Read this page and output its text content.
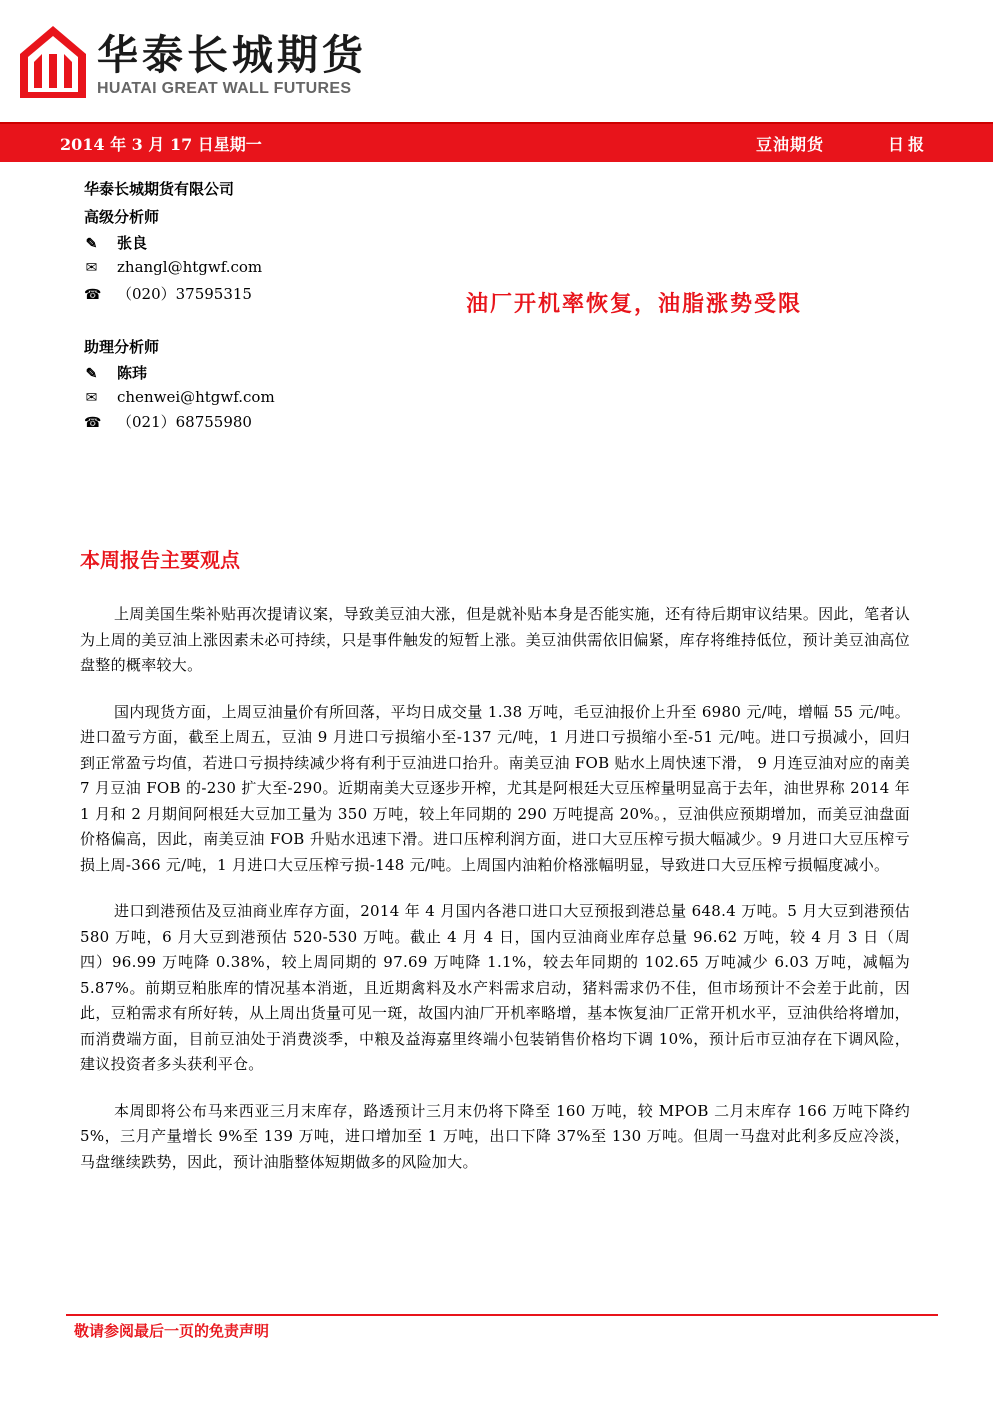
华泰长城期货
HUATAI GREAT WALL FUTURES
2014 年 3 月 17 日星期一	豆油期货	日报
华泰长城期货有限公司
高级分析师
✎ 张良
✉ zhangl@htgwf.com
☎ （020）37595315	油厂开机率恢复，油脂涨势受限
助理分析师
✎ 陈玮
✉ chenwei@htgwf.com
☎ （021）68755980
本周报告主要观点

上周美国生柴补贴再次提请议案，导致美豆油大涨，但是就补贴本身是否能实施，还有待后期审议结果。因此，笔者认为上周的美豆油上涨因素未必可持续，只是事件触发的短暂上涨。美豆油供需依旧偏紧，库存将维持低位，预计美豆油高位盘整的概率较大。

国内现货方面，上周豆油量价有所回落，平均日成交量 1.38 万吨，毛豆油报价上升至 6980 元/吨，增幅 55 元/吨。进口盈亏方面，截至上周五，豆油 9 月进口亏损缩小至-137 元/吨，1 月进口亏损缩小至-51 元/吨。进口亏损减小，回归到正常盈亏均值，若进口亏损持续减少将有利于豆油进口抬升。南美豆油 FOB 贴水上周快速下滑， 9 月连豆油对应的南美 7 月豆油 FOB 的-230 扩大至-290。近期南美大豆逐步开榨，尤其是阿根廷大豆压榨量明显高于去年，油世界称 2014 年 1 月和 2 月期间阿根廷大豆加工量为 350 万吨，较上年同期的 290 万吨提高 20%。，豆油供应预期增加，而美豆油盘面价格偏高，因此，南美豆油 FOB 升贴水迅速下滑。进口压榨利润方面，进口大豆压榨亏损大幅减少。9 月进口大豆压榨亏损上周-366 元/吨，1 月进口大豆压榨亏损-148 元/吨。上周国内油粕价格涨幅明显，导致进口大豆压榨亏损幅度减小。

进口到港预估及豆油商业库存方面，2014 年 4 月国内各港口进口大豆预报到港总量 648.4 万吨。5 月大豆到港预估 580 万吨，6 月大豆到港预估 520-530 万吨。截止 4 月 4 日，国内豆油商业库存总量 96.62 万吨，较 4 月 3 日（周四）96.99 万吨降 0.38%，较上周同期的 97.69 万吨降 1.1%，较去年同期的 102.65 万吨减少 6.03 万吨，减幅为 5.87%。前期豆粕胀库的情况基本消逝，且近期禽料及水产料需求启动，猪料需求仍不佳，但市场预计不会差于此前，因此，豆粕需求有所好转，从上周出货量可见一斑，故国内油厂开机率略增，基本恢复油厂正常开机水平，豆油供给将增加，而消费端方面，目前豆油处于消费淡季，中粮及益海嘉里终端小包装销售价格均下调 10%，预计后市豆油存在下调风险，建议投资者多头获利平仓。

本周即将公布马来西亚三月末库存，路透预计三月末仍将下降至 160 万吨，较 MPOB 二月末库存 166 万吨下降约 5%，三月产量增长 9%至 139 万吨，进口增加至 1 万吨，出口下降 37%至 130 万吨。但周一马盘对此利多反应冷淡，马盘继续跌势，因此，预计油脂整体短期做多的风险加大。

敬请参阅最后一页的免责声明
